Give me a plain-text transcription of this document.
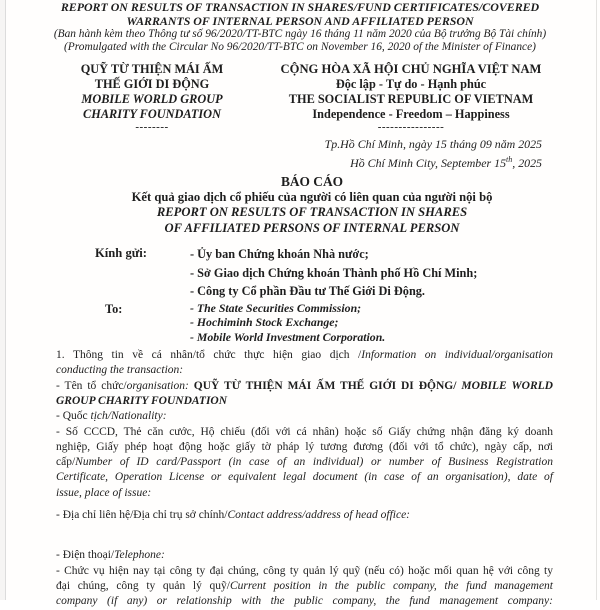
REPORT ON RESULTS OF TRANSACTION IN SHARES/FUND CERTIFICATES/COVERED
WARRANTS OF INTERNAL PERSON AND AFFILIATED PERSON
(Ban hành kèm theo Thông tư số 96/2020/TT-BTC ngày 16 tháng 11 năm 2020 của Bộ trưởng Bộ Tài chính)
(Promulgated with the Circular No 96/2020/TT-BTC on November 16, 2020 of the Minister of Finance)
QUỸ TỪ THIỆN MÁI ẤM
THẾ GIỚI DI ĐỘNG
MOBILE WORLD GROUP
CHARITY FOUNDATION
--------
CỘNG HÒA XÃ HỘI CHỦ NGHĨA VIỆT NAM
Độc lập - Tự do - Hạnh phúc
THE SOCIALIST REPUBLIC OF VIETNAM
Independence - Freedom – Happiness
----------------
Tp.Hồ Chí Minh, ngày 15 tháng 09 năm 2025
Hồ Chí Minh City, September 15th, 2025
BÁO CÁO
Kết quả giao dịch cổ phiếu của người có liên quan của người nội bộ
REPORT ON RESULTS OF TRANSACTION IN SHARES
OF AFFILIATED PERSONS OF INTERNAL PERSON
Kính gửi:	- Ủy ban Chứng khoán Nhà nước;
- Sở Giao dịch Chứng khoán Thành phố Hồ Chí Minh;
- Công ty Cổ phần Đầu tư Thế Giới Di Động.
To:	- The State Securities Commission;
- Hochiminh Stock Exchange;
- Mobile World Investment Corporation.
1. Thông tin về cá nhân/tổ chức thực hiện giao dịch /Information on individual/organisation
conducting the transaction:
- Tên tổ chức/organisation: QUỸ TỪ THIỆN MÁI ẤM THẾ GIỚI DI ĐỘNG/ MOBILE WORLD
GROUP CHARITY FOUNDATION
- Quốc tịch/Nationality:
- Số CCCD, Thẻ căn cước, Hộ chiếu (đối với cá nhân) hoặc số Giấy chứng nhận đăng ký doanh
nghiệp, Giấy phép hoạt động hoặc giấy tờ pháp lý tương đương (đối với tổ chức), ngày cấp, nơi
cấp/Number of ID card/Passport (in case of an individual) or number of Business Registration
Certificate, Operation License or equivalent legal document (in case of an organisation), date of
issue, place of issue:
- Địa chỉ liên hệ/Địa chỉ trụ sở chính/Contact address/address of head office:
- Điện thoại/Telephone:
- Chức vụ hiện nay tại công ty đại chúng, công ty quản lý quỹ (nếu có) hoặc mối quan hệ với công ty
đại chúng, công ty quản lý quỹ/Current position in the public company, the fund management
company (if any) or relationship with the public company, the fund management company:
